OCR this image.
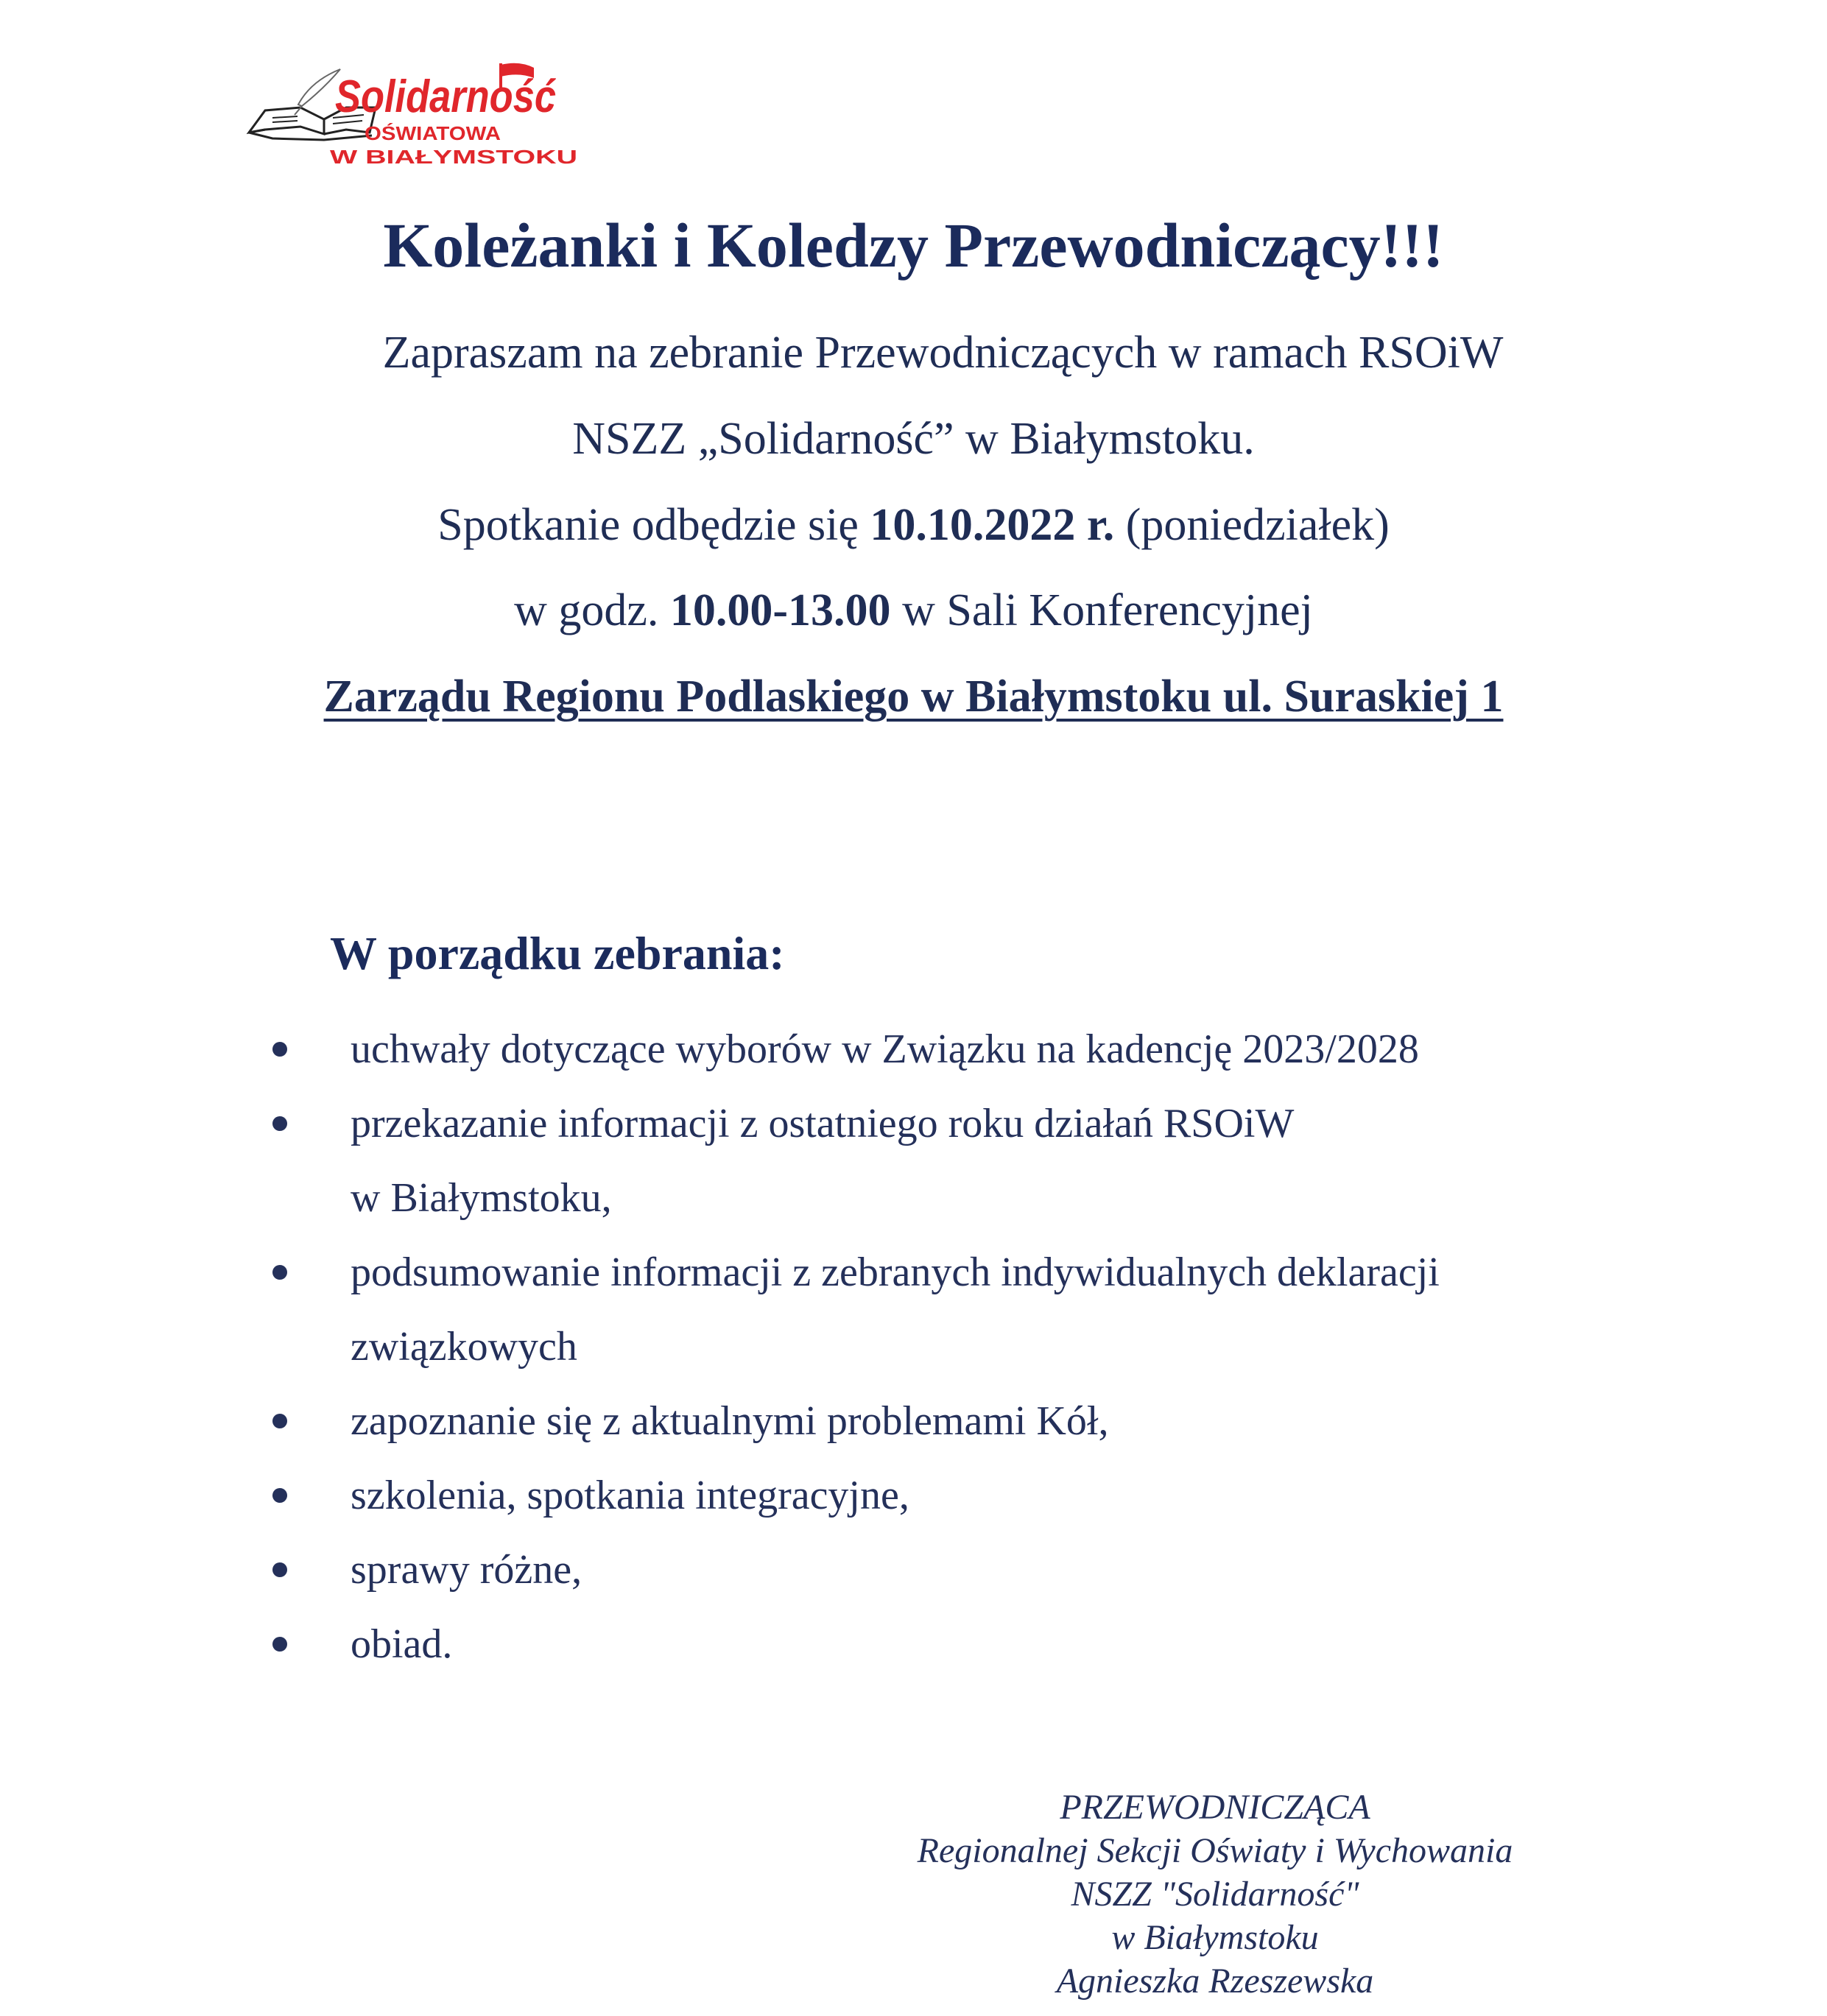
Solidarność
OŚWIATOWA
W BIAŁYMSTOKU
Koleżanki i Koledzy Przewodniczący!!!
Zapraszam na zebranie Przewodniczących w ramach RSOiW
NSZZ „Solidarność” w Białymstoku.
Spotkanie odbędzie się 10.10.2022 r. (poniedziałek)
w godz. 10.00-13.00 w Sali Konferencyjnej
Zarządu Regionu Podlaskiego w Białymstoku ul. Suraskiej 1
W porządku zebrania:
uchwały dotyczące wyborów w Związku na kadencję 2023/2028
przekazanie informacji z ostatniego roku działań RSOiW
w Białymstoku,
podsumowanie informacji z zebranych indywidualnych deklaracji
związkowych
zapoznanie się z aktualnymi problemami Kół,
szkolenia, spotkania integracyjne,
sprawy różne,
obiad.
PRZEWODNICZĄCA
Regionalnej Sekcji Oświaty i Wychowania
NSZZ "Solidarność"
w Białymstoku
Agnieszka Rzeszewska
